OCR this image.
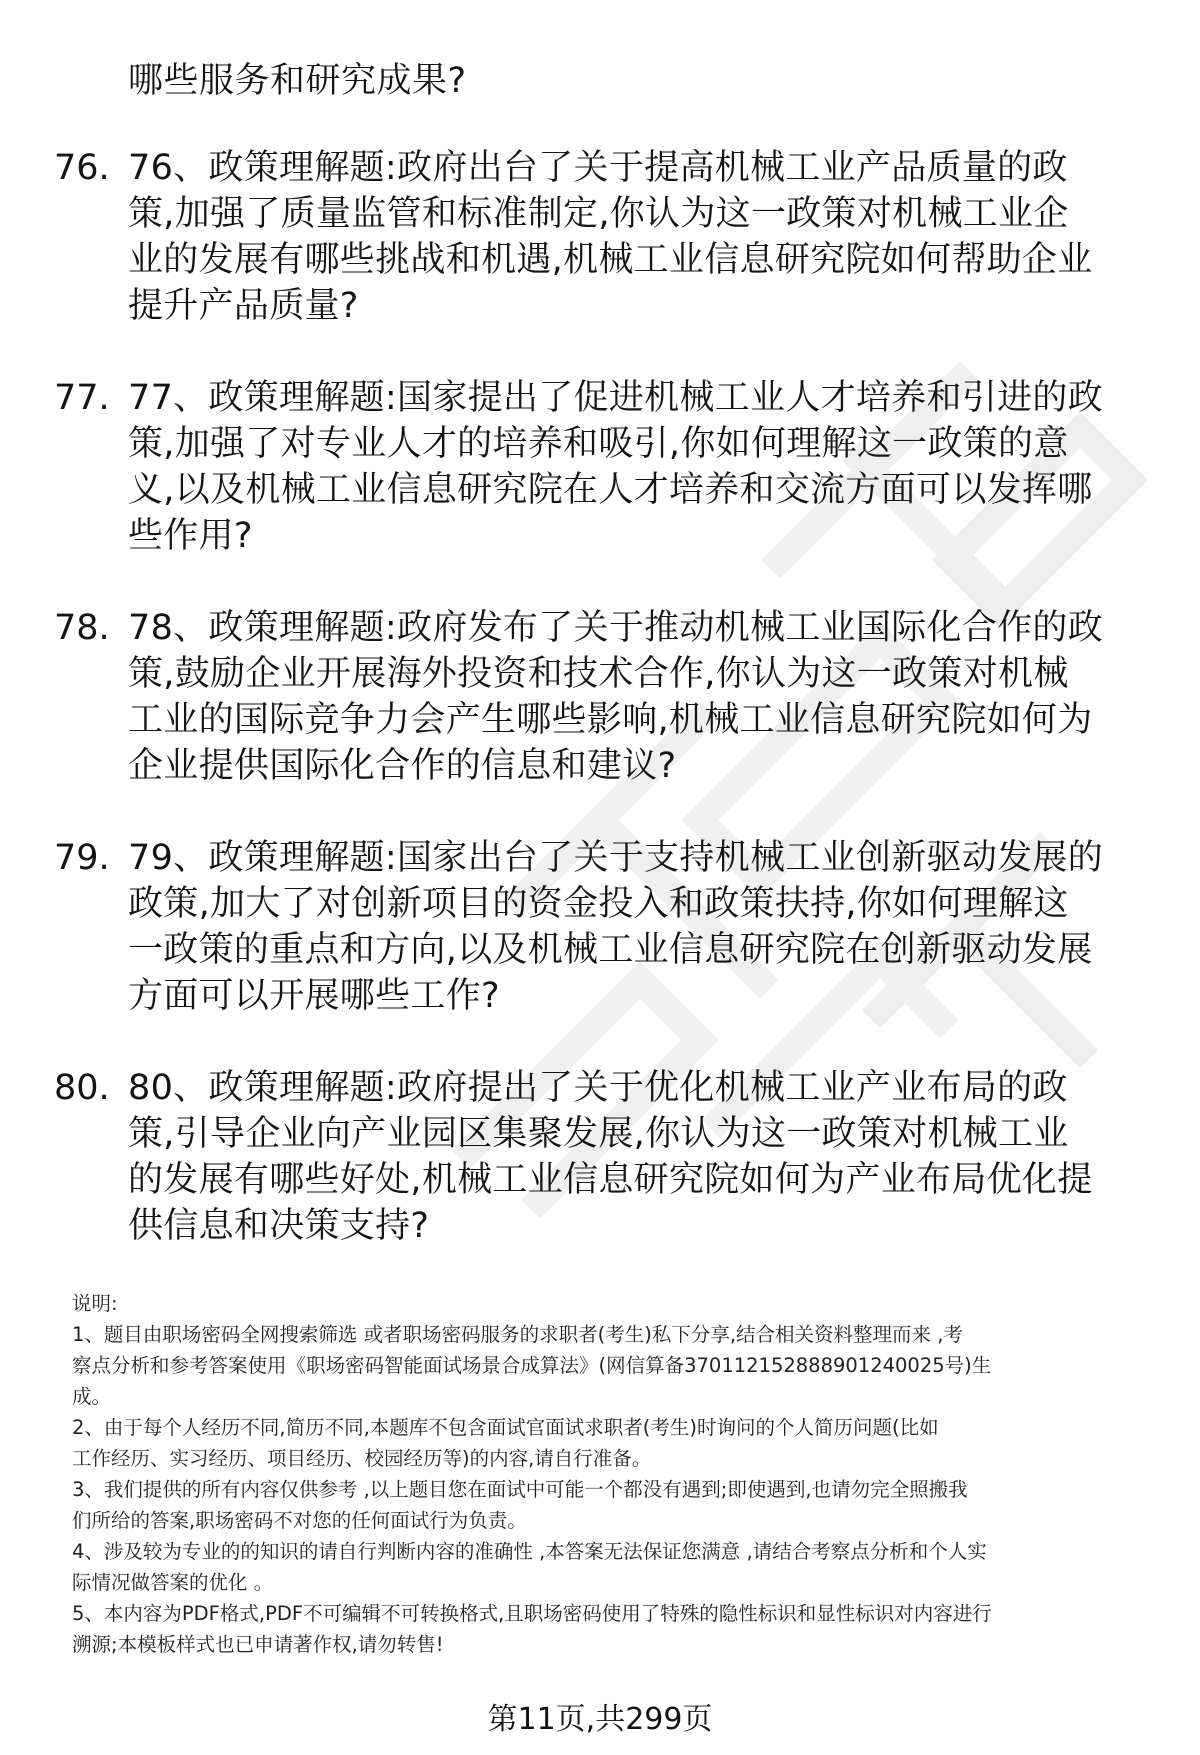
哪些服务和研究成果?
76. 76、政策理解题:政府出台了关于提高机械工业产品质量的政
策,加强了质量监管和标准制定,你认为这一政策对机械工业企
业的发展有哪些挑战和机遇,机械工业信息研究院如何帮助企业
提升产品质量?
77. 77、政策理解题:国家提出了促进机械工业人才培养和引进的政
策,加强了对专业人才的培养和吸引,你如何理解这一政策的意
义,以及机械工业信息研究院在人才培养和交流方面可以发挥哪
些作用?
78. 78、政策理解题:政府发布了关于推动机械工业国际化合作的政
策,鼓励企业开展海外投资和技术合作,你认为这一政策对机械
工业的国际竞争力会产生哪些影响,机械工业信息研究院如何为
企业提供国际化合作的信息和建议?
79. 79、政策理解题:国家出台了关于支持机械工业创新驱动发展的
政策,加大了对创新项目的资金投入和政策扶持,你如何理解这
一政策的重点和方向,以及机械工业信息研究院在创新驱动发展
方面可以开展哪些工作?
80. 80、政策理解题:政府提出了关于优化机械工业产业布局的政
策,引导企业向产业园区集聚发展,你认为这一政策对机械工业
的发展有哪些好处,机械工业信息研究院如何为产业布局优化提
供信息和决策支持?
说明:
1、题目由职场密码全网搜索筛选 或者职场密码服务的求职者(考生)私下分享,结合相关资料整理而来 ,考
察点分析和参考答案使用《职场密码智能面试场景合成算法》(网信算备370112152888901240025号)生
成。
2、由于每个人经历不同,简历不同,本题库不包含面试官面试求职者(考生)时询问的个人简历问题(比如
工作经历、实习经历、项目经历、校园经历等)的内容,请自行准备。
3、我们提供的所有内容仅供参考 ,以上题目您在面试中可能一个都没有遇到;即使遇到,也请勿完全照搬我
们所给的答案,职场密码不对您的任何面试行为负责。
4、涉及较为专业的的知识的请自行判断内容的准确性 ,本答案无法保证您满意 ,请结合考察点分析和个人实
际情况做答案的优化 。
5、本内容为PDF格式,PDF不可编辑不可转换格式,且职场密码使用了特殊的隐性标识和显性标识对内容进行
溯源;本模板样式也已申请著作权,请勿转售!
第11页,共299页
